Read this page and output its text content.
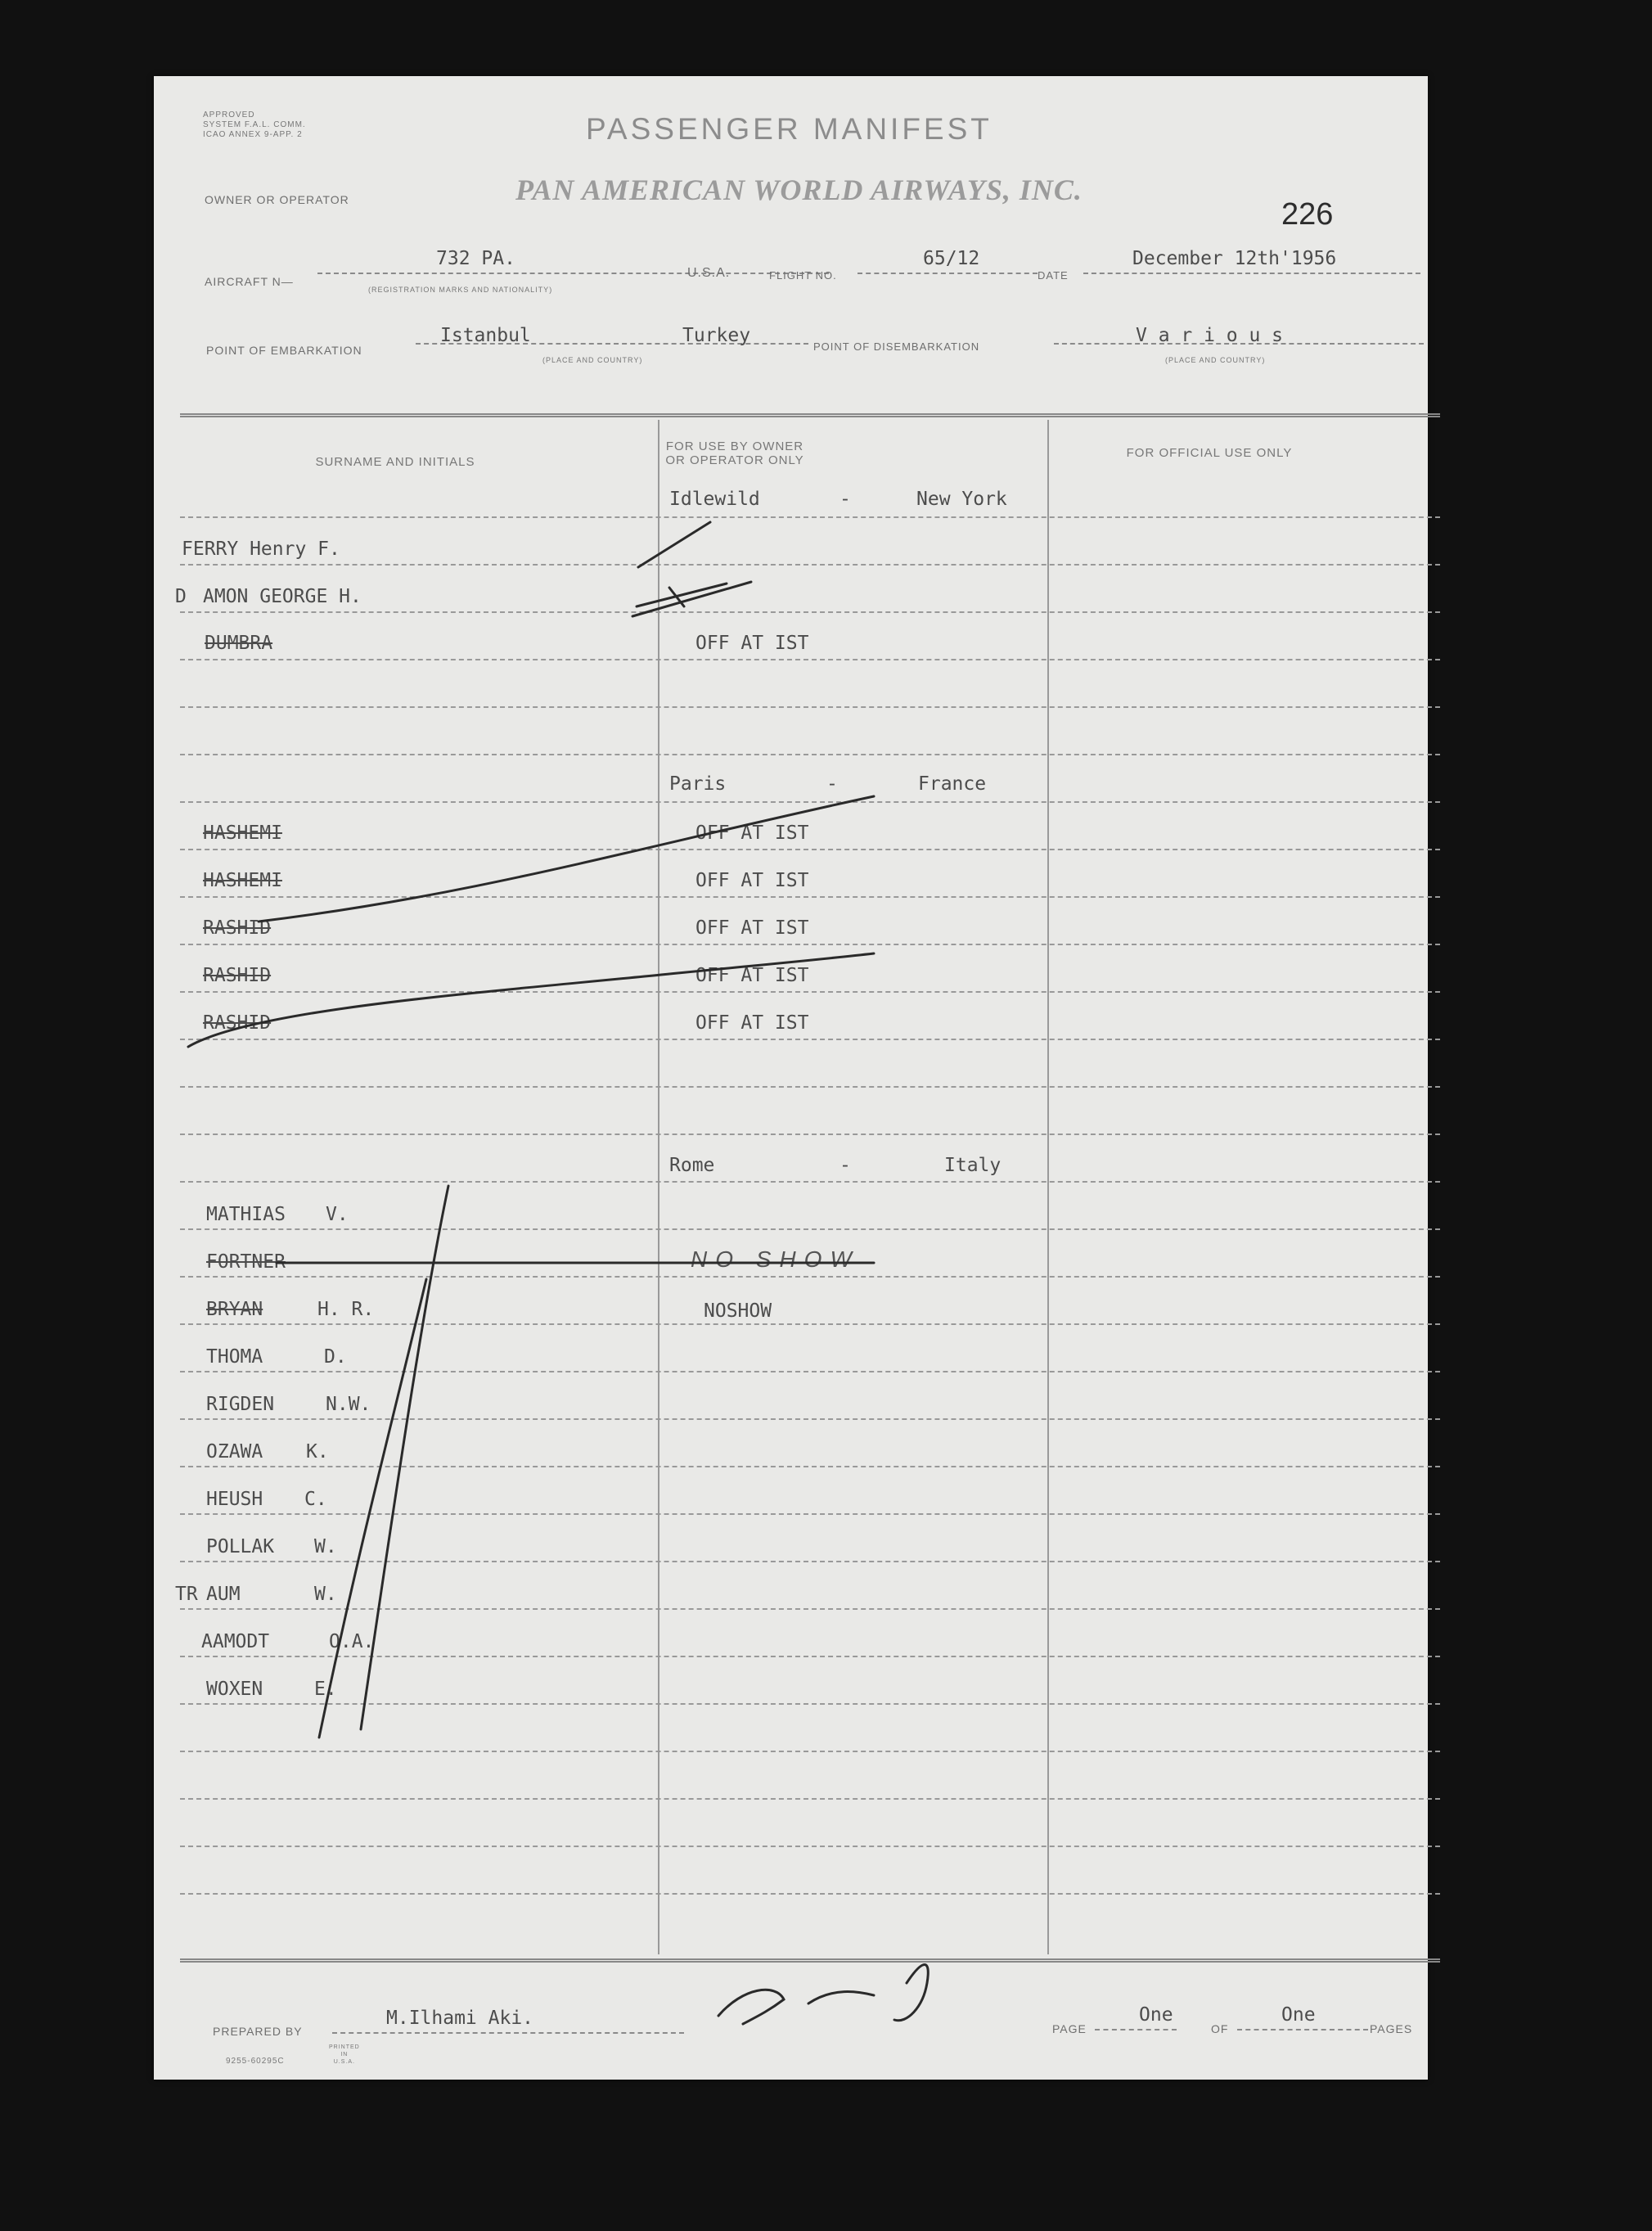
APPROVED
SYSTEM F.A.L. COMM.
ICAO ANNEX 9-APP. 2	PASSENGER MANIFEST
OWNER OR OPERATOR	PAN AMERICAN WORLD AIRWAYS, INC.
226
AIRCRAFT N—
732 PA.
(REGISTRATION MARKS AND NATIONALITY)
U.S.A.	FLIGHT NO.
65/12
DATE
December 12th'1956
POINT OF EMBARKATION
Istanbul	Turkey
(PLACE AND COUNTRY)
POINT OF DISEMBARKATION
V a r i o u s
(PLACE AND COUNTRY)
SURNAME AND INITIALS
FOR USE BY OWNER
OR OPERATOR ONLY
FOR OFFICIAL USE ONLY
Idlewild	-	New York
FERRY Henry F.
D AMON GEORGE H.
DUMBRA	OFF AT IST
Paris	-	France
HASHEMI	OFF AT IST
HASHEMI	OFF AT IST
RASHID	OFF AT IST
RASHID	OFF AT IST
RASHID	OFF AT IST
Rome	-	Italy
MATHIAS V.
FORTNER	NO SHOW
BRYAN	H. R.	NOSHOW
THOMA	D.
RIGDEN	N.W.
OZAWA K.
HEUSH C.
POLLAK W.
TR AUM	W.
AAMODT	O.A.
WOXEN	E.
PREPARED BY
M.Ilhami Aki.	PAGE
One
OF
One
PAGES
9255-60295C
PRINTED
IN
U.S.A.
